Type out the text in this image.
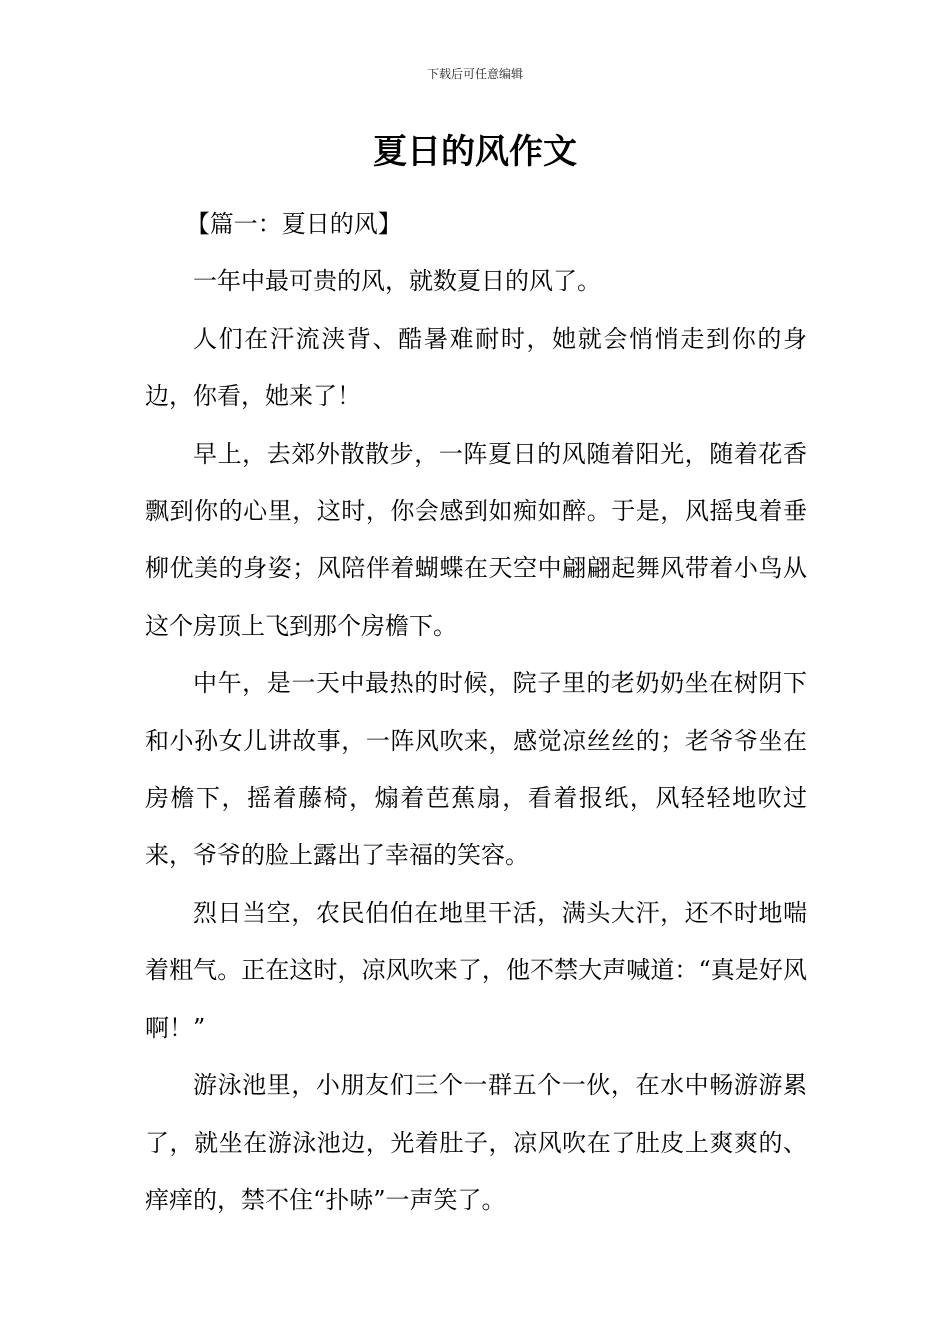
下载后可任意编辑
夏日的风作文
【篇一：夏日的风】

一年中最可贵的风，就数夏日的风了。

人们在汗流浃背、酷暑难耐时，她就会悄悄走到你的身边，你看，她来了！

早上，去郊外散散步，一阵夏日的风随着阳光，随着花香飘到你的心里，这时，你会感到如痴如醉。于是，风摇曳着垂柳优美的身姿；风陪伴着蝴蝶在天空中翩翩起舞风带着小鸟从这个房顶上飞到那个房檐下。

中午，是一天中最热的时候，院子里的老奶奶坐在树阴下和小孙女儿讲故事，一阵风吹来，感觉凉丝丝的；老爷爷坐在房檐下，摇着藤椅，煽着芭蕉扇，看着报纸，风轻轻地吹过来，爷爷的脸上露出了幸福的笑容。

烈日当空，农民伯伯在地里干活，满头大汗，还不时地喘着粗气。正在这时，凉风吹来了，他不禁大声喊道：“真是好风啊！”

游泳池里，小朋友们三个一群五个一伙，在水中畅游游累了，就坐在游泳池边，光着肚子，凉风吹在了肚皮上爽爽的、痒痒的，禁不住“扑哧”一声笑了。
